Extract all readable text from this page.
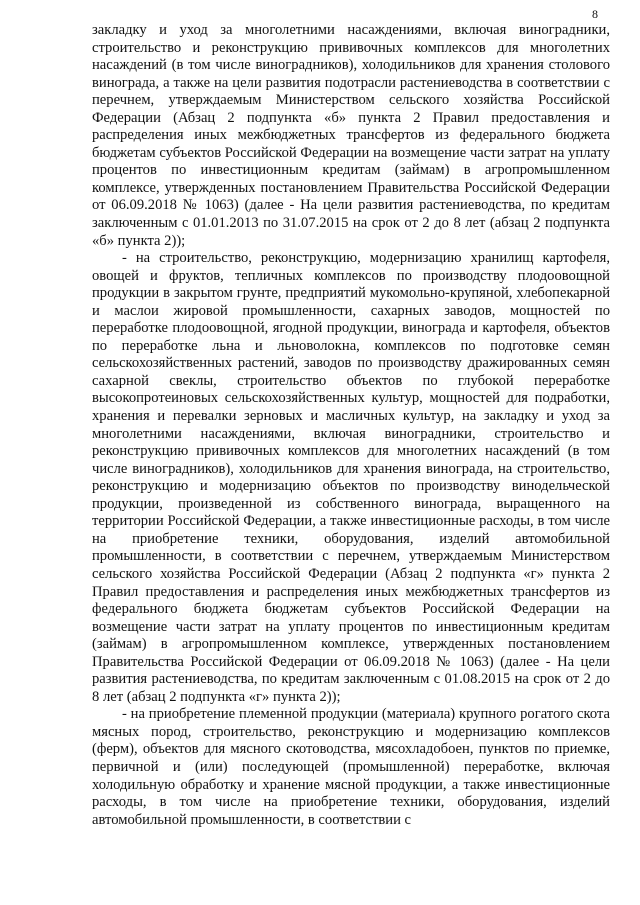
8

закладку и уход за многолетними насаждениями, включая виноградники, строительство и реконструкцию прививочных комплексов для многолетних насаждений (в том числе виноградников), холодильников для хранения столового винограда, а также на цели развития подотрасли растениеводства в соответствии с перечнем, утверждаемым Министерством сельского хозяйства Российской Федерации (Абзац 2 подпункта «б» пункта 2 Правил предоставления и распределения иных межбюджетных трансфертов из федерального бюджета бюджетам субъектов Российской Федерации на возмещение части затрат на уплату процентов по инвестиционным кредитам (займам) в агропромышленном комплексе, утвержденных постановлением Правительства Российской Федерации от 06.09.2018 № 1063) (далее - На цели развития растениеводства, по кредитам заключенным с 01.01.2013 по 31.07.2015 на срок от 2 до 8 лет (абзац 2 подпункта «б» пункта 2));

- на строительство, реконструкцию, модернизацию хранилищ картофеля, овощей и фруктов, тепличных комплексов по производству плодоовощной продукции в закрытом грунте, предприятий мукомольно-крупяной, хлебопекарной и маслои жировой промышленности, сахарных заводов, мощностей по переработке плодоовощной, ягодной продукции, винограда и картофеля, объектов по переработке льна и льноволокна, комплексов по подготовке семян сельскохозяйственных растений, заводов по производству дражированных семян сахарной свеклы, строительство объектов по глубокой переработке высокопротеиновых сельскохозяйственных культур, мощностей для подработки, хранения и перевалки зерновых и масличных культур, на закладку и уход за многолетними насаждениями, включая виноградники, строительство и реконструкцию прививочных комплексов для многолетних насаждений (в том числе виноградников), холодильников для хранения винограда, на строительство, реконструкцию и модернизацию объектов по производству винодельческой продукции, произведенной из собственного винограда, выращенного на территории Российской Федерации, а также инвестиционные расходы, в том числе на приобретение техники, оборудования, изделий автомобильной промышленности, в соответствии с перечнем, утверждаемым Министерством сельского хозяйства Российской Федерации (Абзац 2 подпункта «г» пункта 2 Правил предоставления и распределения иных межбюджетных трансфертов из федерального бюджета бюджетам субъектов Российской Федерации на возмещение части затрат на уплату процентов по инвестиционным кредитам (займам) в агропромышленном комплексе, утвержденных постановлением Правительства Российской Федерации от 06.09.2018 № 1063) (далее - На цели развития растениеводства, по кредитам заключенным с 01.08.2015 на срок от 2 до 8 лет (абзац 2 подпункта «г» пункта 2));

- на приобретение племенной продукции (материала) крупного рогатого скота мясных пород, строительство, реконструкцию и модернизацию комплексов (ферм), объектов для мясного скотоводства, мясохладобоен, пунктов по приемке, первичной и (или) последующей (промышленной) переработке, включая холодильную обработку и хранение мясной продукции, а также инвестиционные расходы, в том числе на приобретение техники, оборудования, изделий автомобильной промышленности, в соответствии с
